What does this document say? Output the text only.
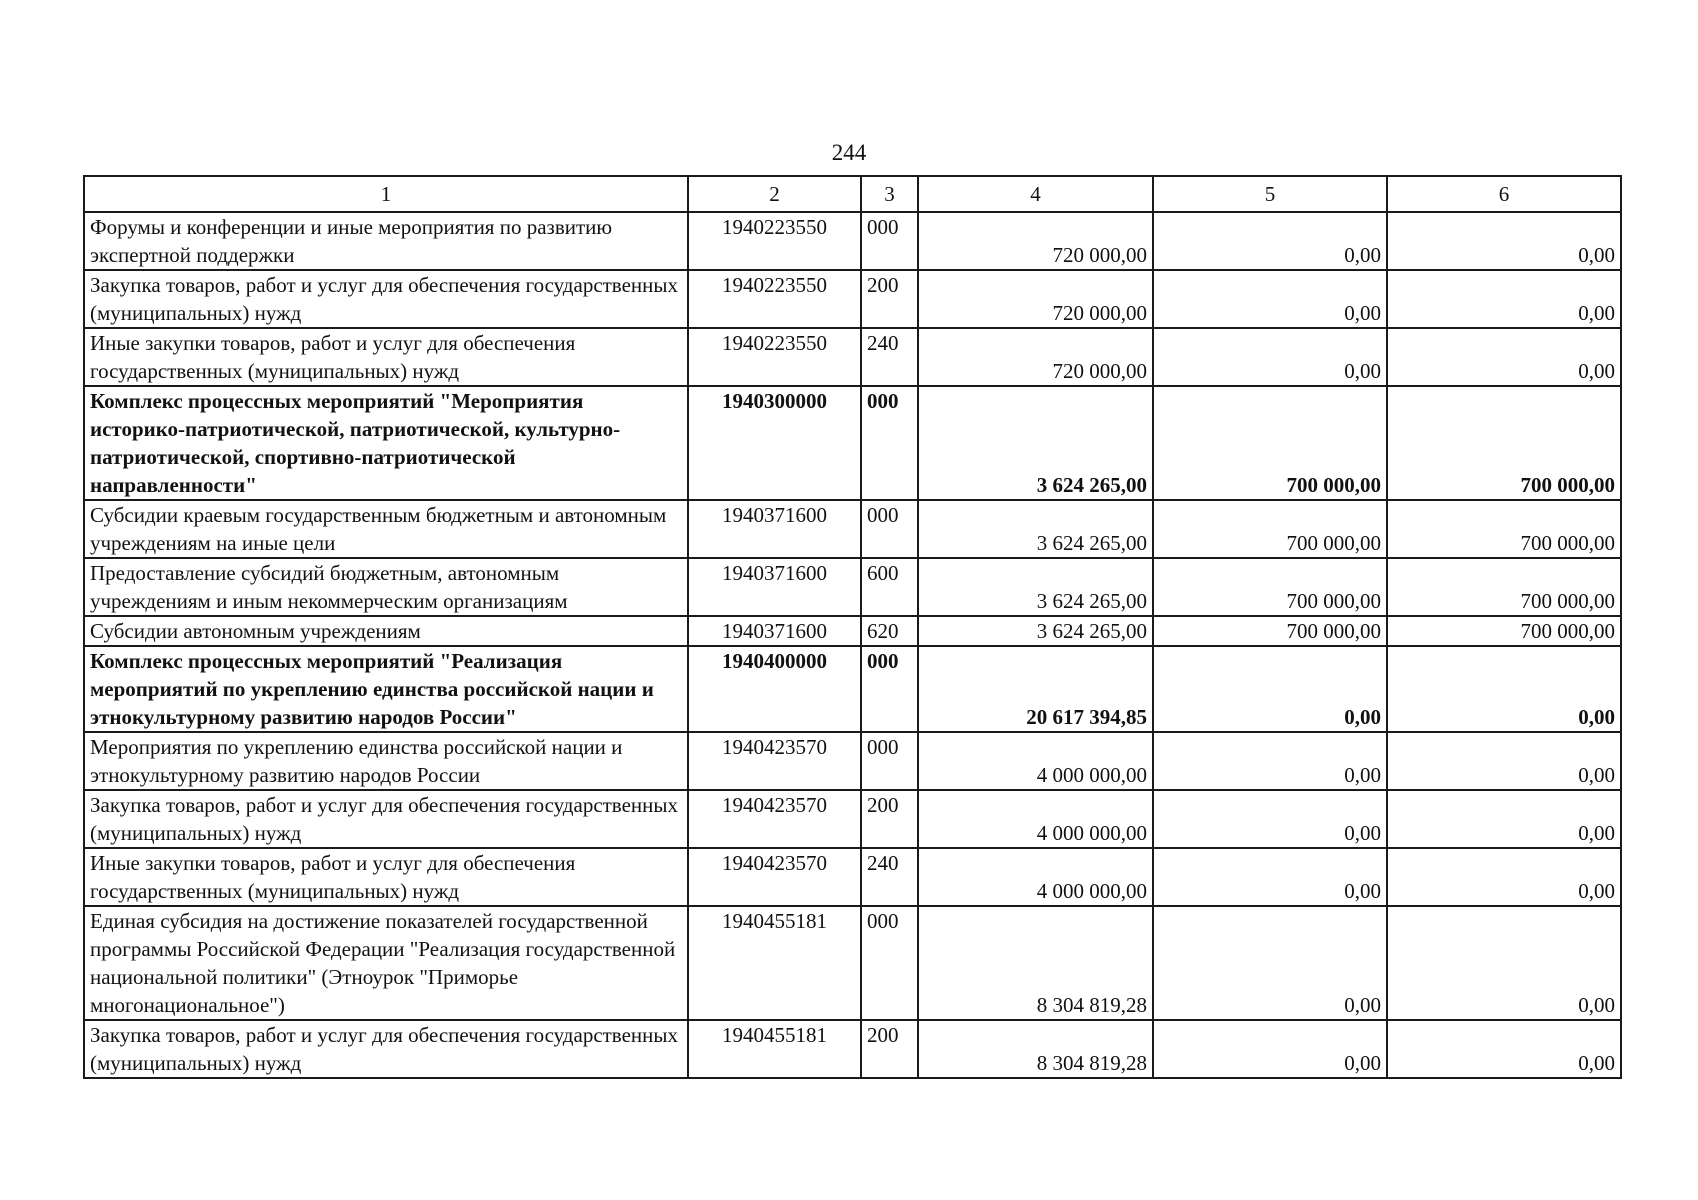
244
1	2	3	4	5	6
Форумы и конференции и иные мероприятия по развитию экспертной поддержки	1940223550	000	720 000,00	0,00	0,00
Закупка товаров, работ и услуг для обеспечения государственных (муниципальных) нужд	1940223550	200	720 000,00	0,00	0,00
Иные закупки товаров, работ и услуг для обеспечения государственных (муниципальных) нужд	1940223550	240	720 000,00	0,00	0,00
Комплекс процессных мероприятий "Мероприятия историко-патриотической, патриотической, культурно-патриотической, спортивно-патриотической направленности"	1940300000	000	3 624 265,00	700 000,00	700 000,00
Субсидии краевым государственным бюджетным и автономным учреждениям на иные цели	1940371600	000	3 624 265,00	700 000,00	700 000,00
Предоставление субсидий бюджетным, автономным учреждениям и иным некоммерческим организациям	1940371600	600	3 624 265,00	700 000,00	700 000,00
Субсидии автономным учреждениям	1940371600	620	3 624 265,00	700 000,00	700 000,00
Комплекс процессных мероприятий "Реализация мероприятий по укреплению единства российской нации и этнокультурному развитию народов России"	1940400000	000	20 617 394,85	0,00	0,00
Мероприятия по укреплению единства российской нации и этнокультурному развитию народов России	1940423570	000	4 000 000,00	0,00	0,00
Закупка товаров, работ и услуг для обеспечения государственных (муниципальных) нужд	1940423570	200	4 000 000,00	0,00	0,00
Иные закупки товаров, работ и услуг для обеспечения государственных (муниципальных) нужд	1940423570	240	4 000 000,00	0,00	0,00
Единая субсидия на достижение показателей государственной программы Российской Федерации "Реализация государственной национальной политики" (Этноурок "Приморье многонациональное")	1940455181	000	8 304 819,28	0,00	0,00
Закупка товаров, работ и услуг для обеспечения государственных (муниципальных) нужд	1940455181	200	8 304 819,28	0,00	0,00
